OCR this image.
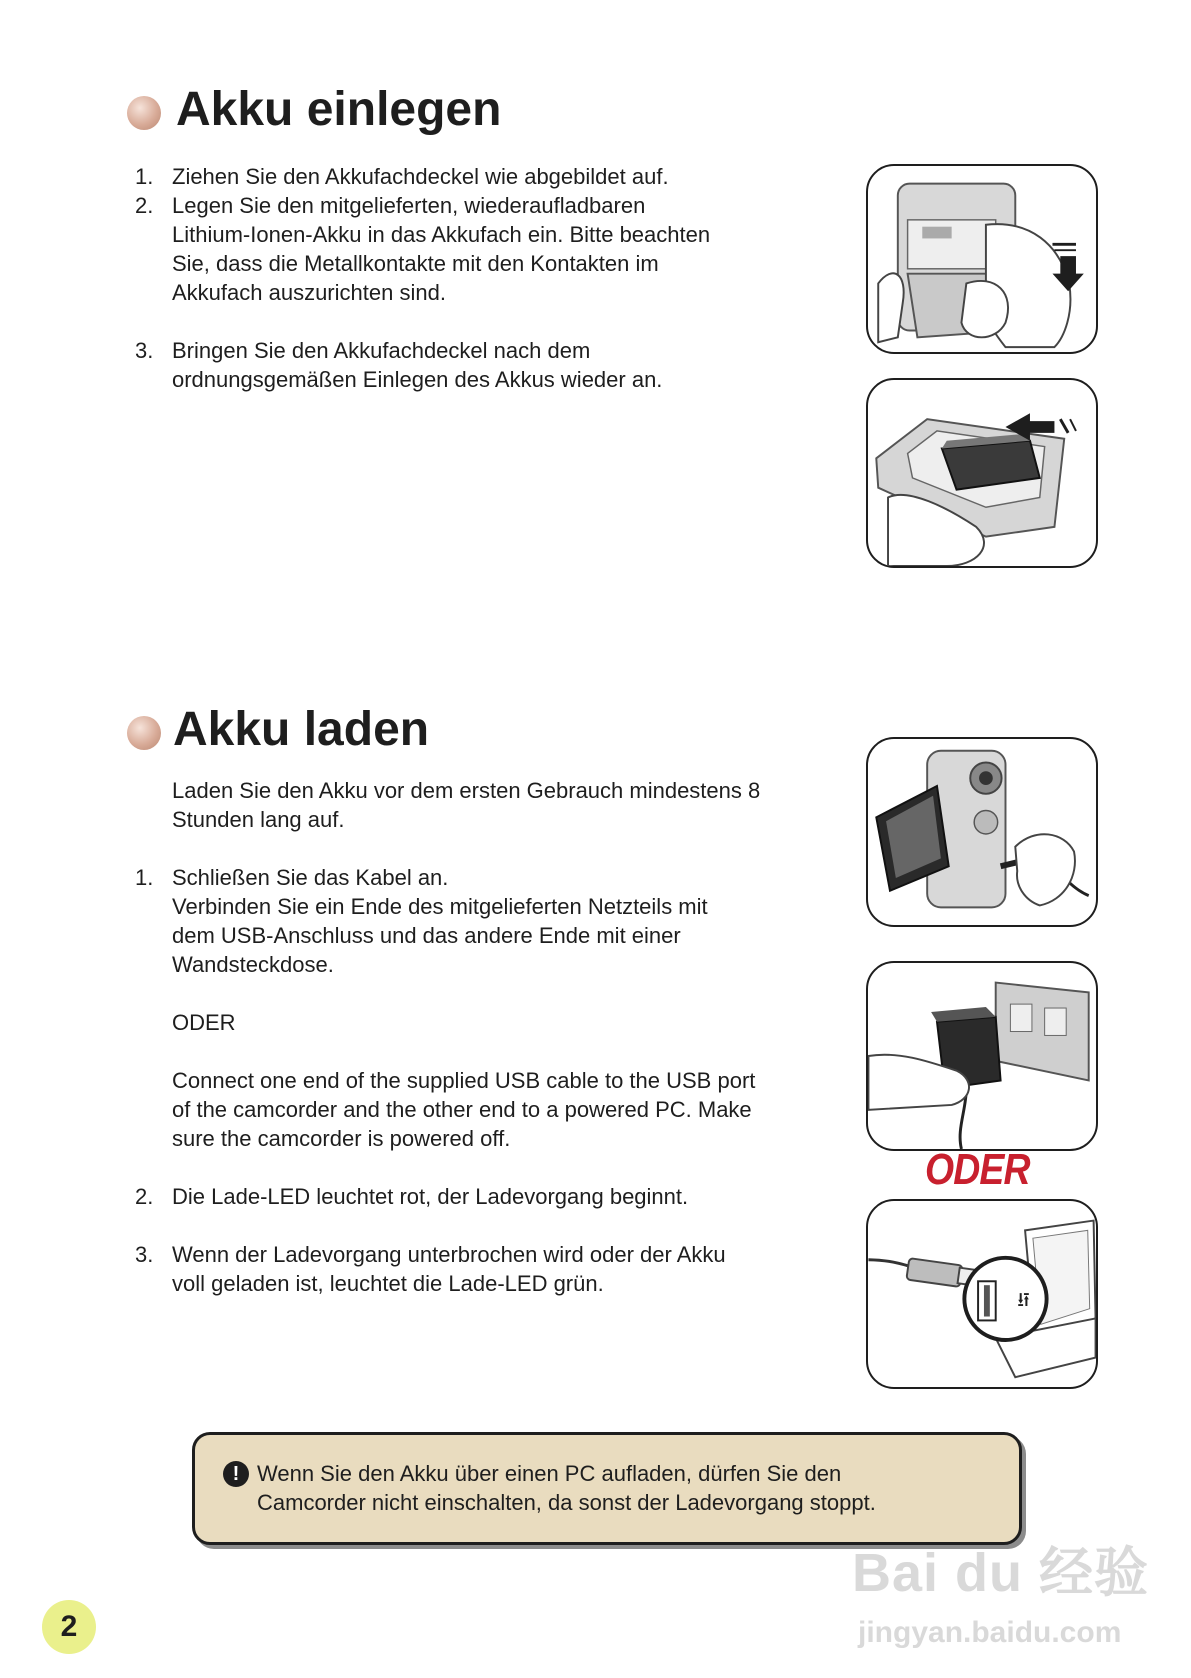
Akku einlegen
1. Ziehen Sie den Akkufachdeckel wie abgebildet auf.
2. Legen Sie den mitgelieferten, wiederaufladbaren
Lithium-Ionen-Akku in das Akkufach ein. Bitte beachten
Sie, dass die Metallkontakte mit den Kontakten im
Akkufach auszurichten sind.
3. Bringen Sie den Akkufachdeckel nach dem
ordnungsgemäßen Einlegen des Akkus wieder an.
Akku laden
Laden Sie den Akku vor dem ersten Gebrauch mindestens 8
Stunden lang auf.
1. Schließen Sie das Kabel an.
Verbinden Sie ein Ende des mitgelieferten Netzteils mit
dem USB-Anschluss und das andere Ende mit einer
Wandsteckdose.
ODER
Connect one end of the supplied USB cable to the USB port
of the camcorder and the other end to a powered PC. Make
sure the camcorder is powered off.
2. Die Lade-LED leuchtet rot, der Ladevorgang beginnt.
3. Wenn der Ladevorgang unterbrochen wird oder der Akku
voll geladen ist, leuchtet die Lade-LED grün.

ODER

⭿
! Wenn Sie den Akku über einen PC aufladen, dürfen Sie den
Camcorder nicht einschalten, da sonst der Ladevorgang stoppt.
2
Bai du 经验
jingyan.baidu.com
